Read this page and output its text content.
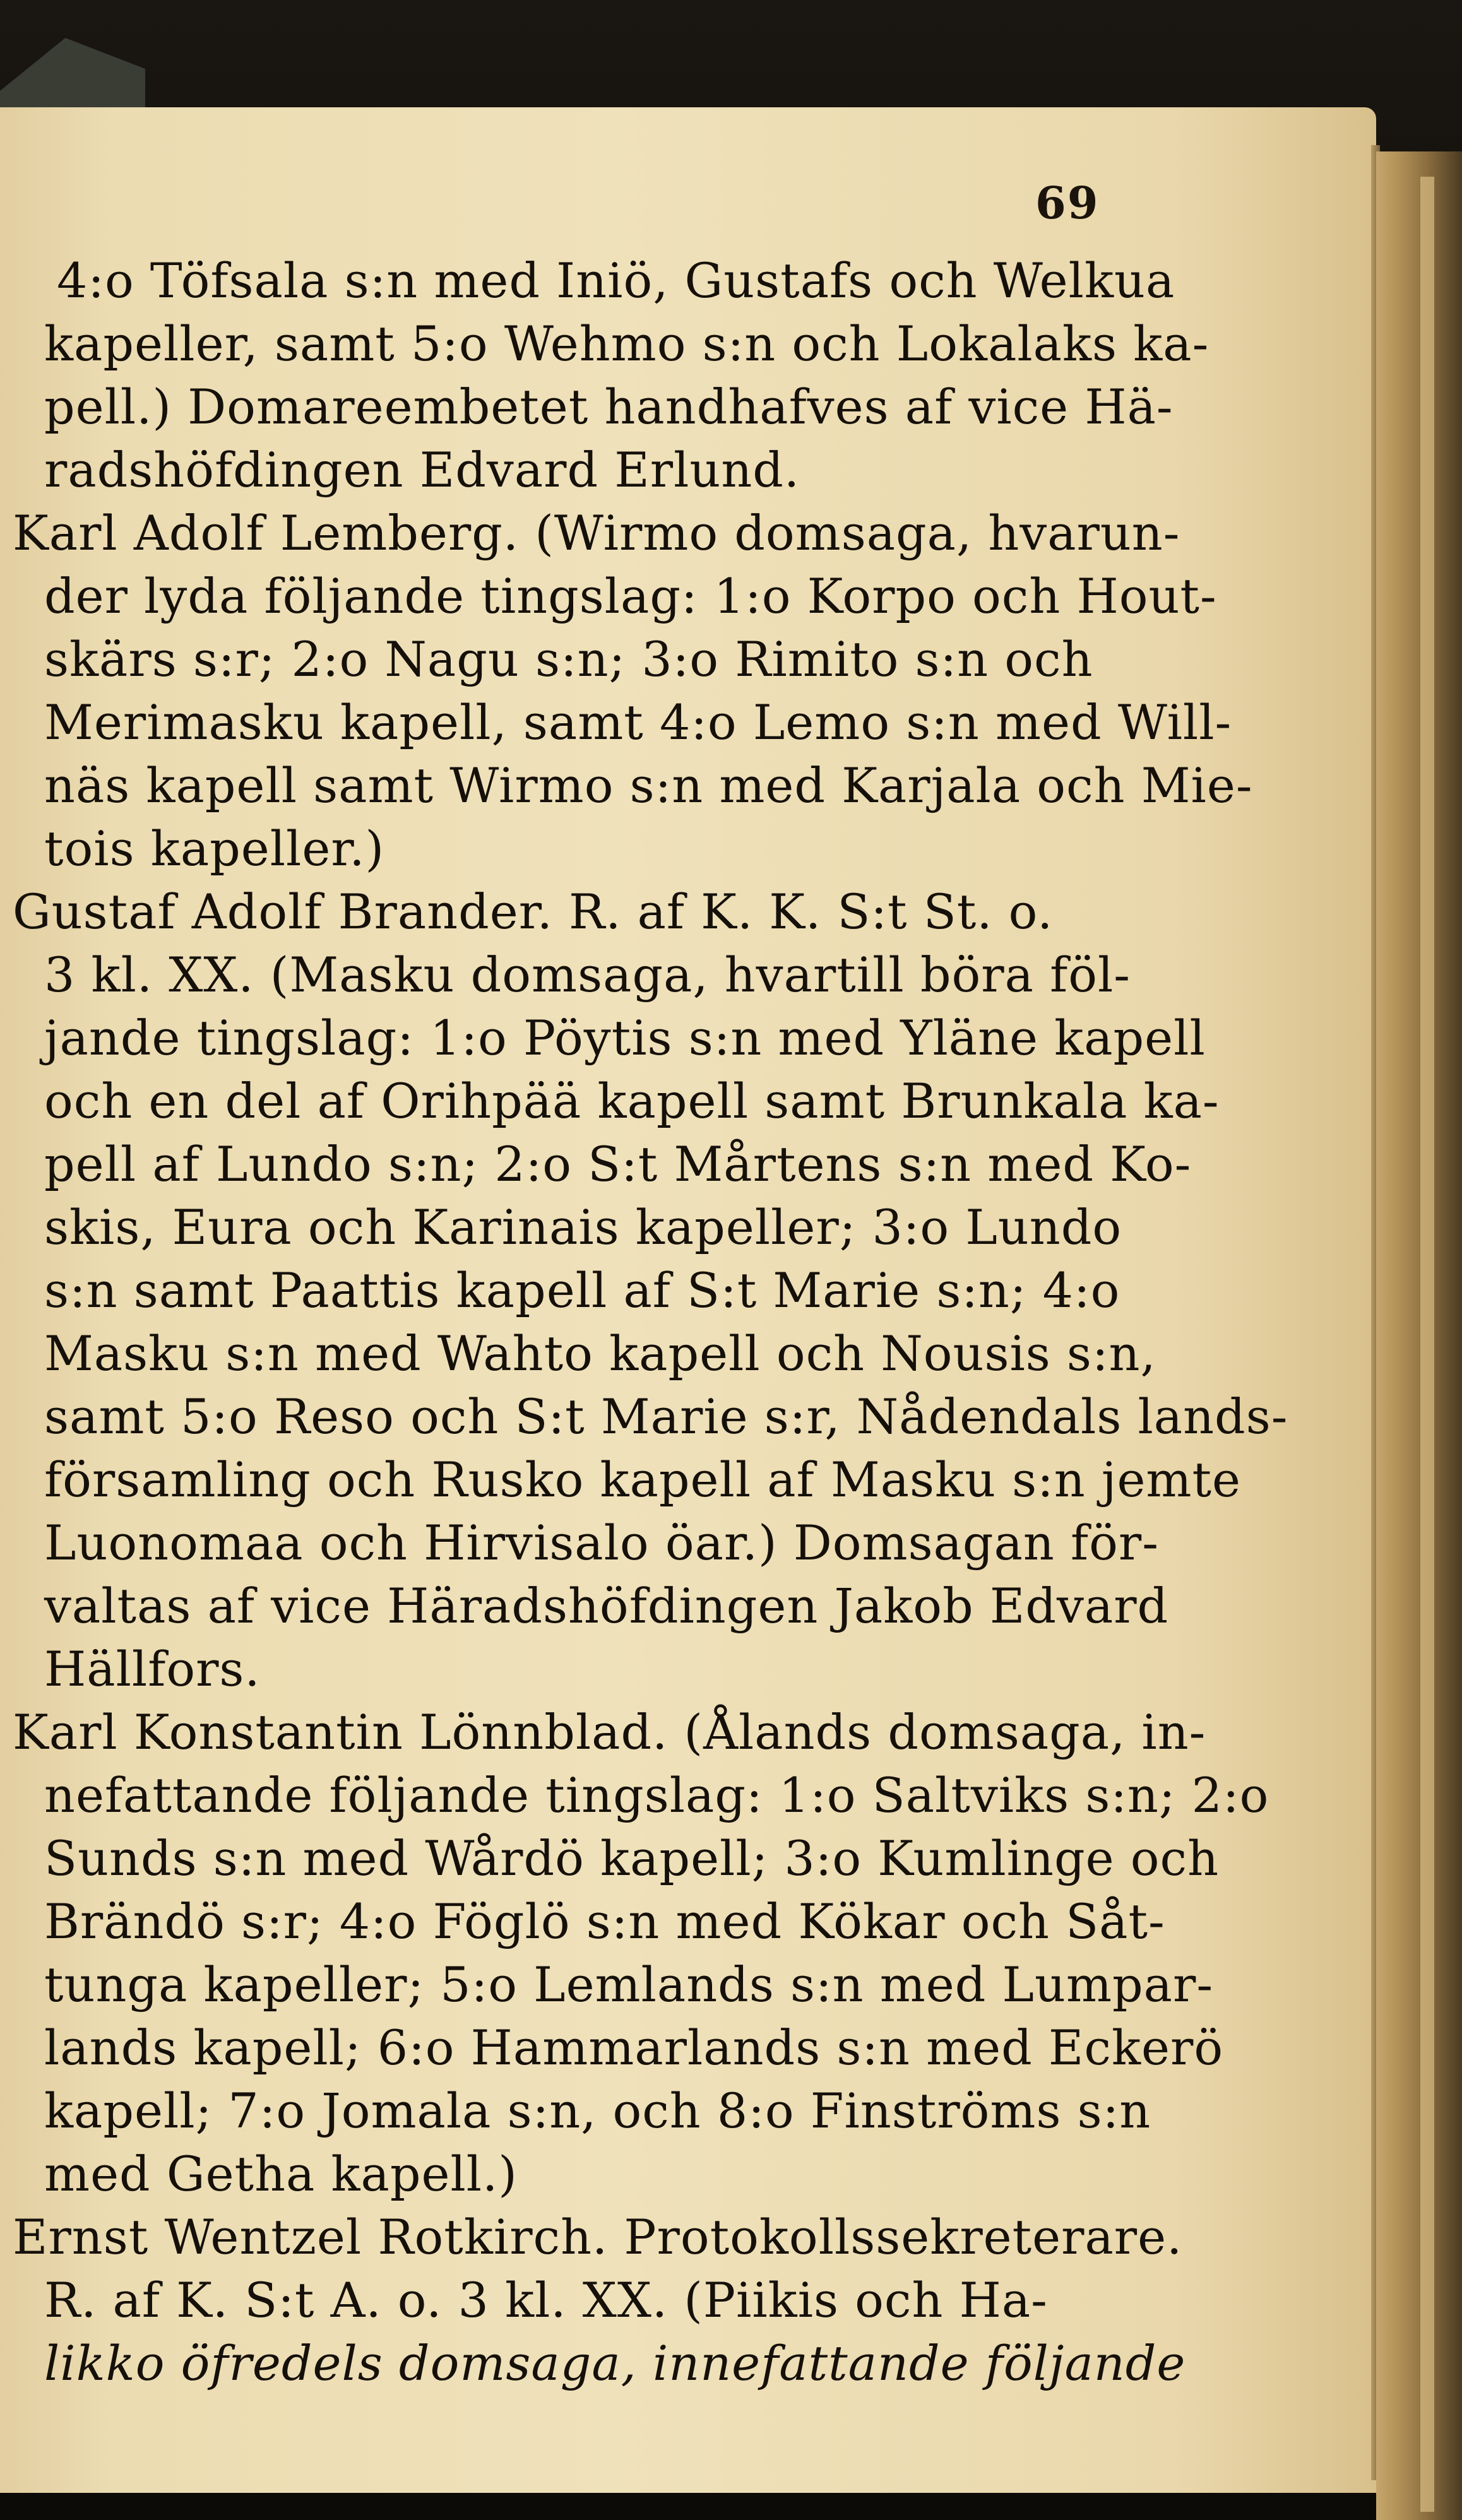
69
4:o Töfsala s:n med Iniö, Gustafs och Welkua
kapeller, samt 5:o Wehmo s:n och Lokalaks ka-
pell.) Domareembetet handhafves af vice Hä-
radshöfdingen Edvard Erlund.
Karl Adolf Lemberg. (Wirmo domsaga, hvarun-
der lyda följande tingslag: 1:o Korpo och Hout-
skärs s:r; 2:o Nagu s:n; 3:o Rimito s:n och
Merimasku kapell, samt 4:o Lemo s:n med Will-
näs kapell samt Wirmo s:n med Karjala och Mie-
tois kapeller.)
Gustaf Adolf Brander. R. af K. K. S:t St. o.
3 kl. XX. (Masku domsaga, hvartill böra föl-
jande tingslag: 1:o Pöytis s:n med Yläne kapell
och en del af Orihpää kapell samt Brunkala ka-
pell af Lundo s:n; 2:o S:t Mårtens s:n med Ko-
skis, Eura och Karinais kapeller; 3:o Lundo
s:n samt Paattis kapell af S:t Marie s:n; 4:o
Masku s:n med Wahto kapell och Nousis s:n,
samt 5:o Reso och S:t Marie s:r, Nådendals lands-
församling och Rusko kapell af Masku s:n jemte
Luonomaa och Hirvisalo öar.) Domsagan för-
valtas af vice Häradshöfdingen Jakob Edvard
Hällfors.
Karl Konstantin Lönnblad. (Ålands domsaga, in-
nefattande följande tingslag: 1:o Saltviks s:n; 2:o
Sunds s:n med Wårdö kapell; 3:o Kumlinge och
Brändö s:r; 4:o Föglö s:n med Kökar och Såt-
tunga kapeller; 5:o Lemlands s:n med Lumpar-
lands kapell; 6:o Hammarlands s:n med Eckerö
kapell; 7:o Jomala s:n, och 8:o Finströms s:n
med Getha kapell.)
Ernst Wentzel Rotkirch. Protokollssekreterare.
R. af K. S:t A. o. 3 kl. XX. (Piikis och Ha-
likko öfredels domsaga, innefattande följande
